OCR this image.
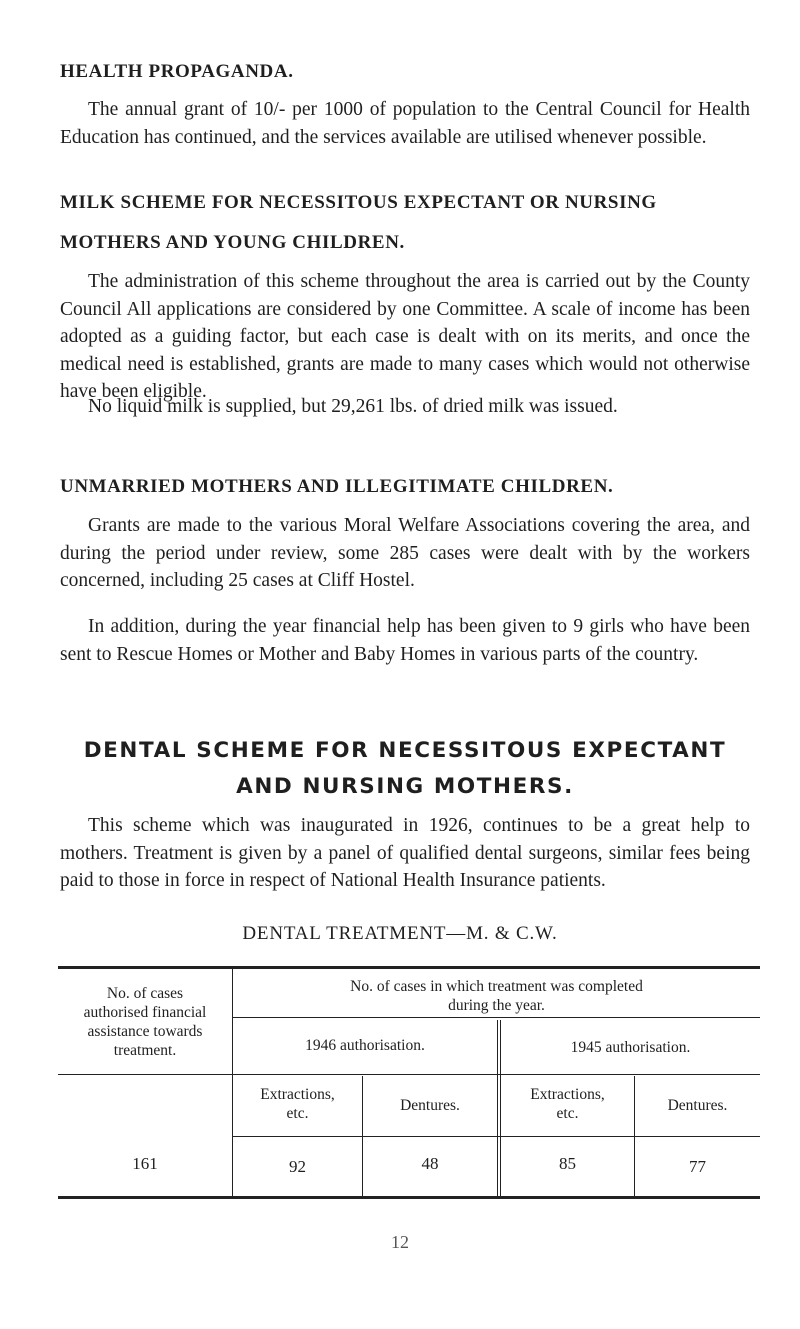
HEALTH PROPAGANDA.

The annual grant of 10/- per 1000 of population to the Central Council for Health Education has continued, and the services available are utilised whenever possible.

MILK SCHEME FOR NECESSITOUS EXPECTANT OR NURSING
MOTHERS AND YOUNG CHILDREN.

The administration of this scheme throughout the area is carried out by the County Council All applications are considered by one Committee. A scale of income has been adopted as a guiding factor, but each case is dealt with on its merits, and once the medical need is established, grants are made to many cases which would not otherwise have been eligible.

No liquid milk is supplied, but 29,261 lbs. of dried milk was issued.

UNMARRIED MOTHERS AND ILLEGITIMATE CHILDREN.

Grants are made to the various Moral Welfare Associations covering the area, and during the period under review, some 285 cases were dealt with by the workers concerned, including 25 cases at Cliff Hostel.

In addition, during the year financial help has been given to 9 girls who have been sent to Rescue Homes or Mother and Baby Homes in various parts of the country.

DENTAL SCHEME FOR NECESSITOUS EXPECTANT
AND NURSING MOTHERS.

This scheme which was inaugurated in 1926, continues to be a great help to mothers. Treatment is given by a panel of qualified dental surgeons, similar fees being paid to those in force in respect of National Health Insurance patients.

DENTAL TREATMENT—M. & C.W.
No. of cases
authorised financial
assistance towards
treatment.
No. of cases in which treatment was completed
during the year.
1946 authorisation.	1945 authorisation.
Extractions,
etc.	Dentures.
Extractions,
etc.	Dentures.
161	92	48	85	77
12
